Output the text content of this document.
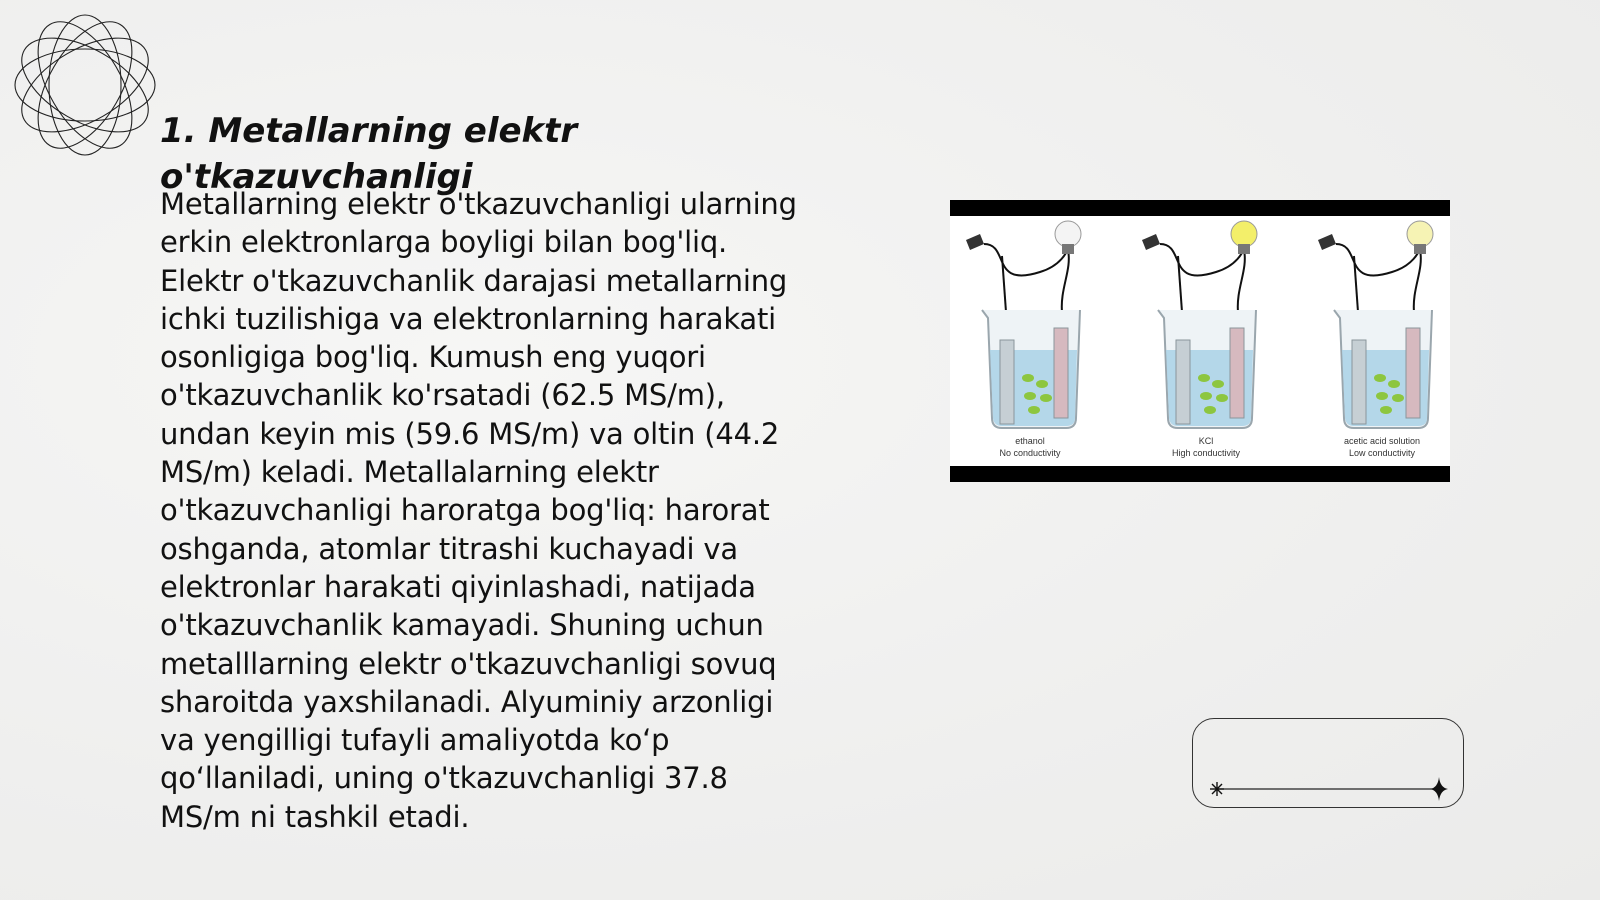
1. Metallarning elektr
o'tkazuvchanligi

Metallarning elektr o'tkazuvchanligi ularning
erkin elektronlarga boyligi bilan bog'liq.
Elektr o'tkazuvchanlik darajasi metallarning
ichki tuzilishiga va elektronlarning harakati
osonligiga bog'liq. Kumush eng yuqori
o'tkazuvchanlik ko'rsatadi (62.5 MS/m),
undan keyin mis (59.6 MS/m) va oltin (44.2
MS/m) keladi. Metallalarning elektr
o'tkazuvchanligi haroratga bog'liq: harorat
oshganda, atomlar titrashi kuchayadi va
elektronlar harakati qiyinlashadi, natijada
o'tkazuvchanlik kamayadi. Shuning uchun
metalllarning elektr o'tkazuvchanligi sovuq
sharoitda yaxshilanadi. Alyuminiy arzonligi
va yengilligi tufayli amaliyotda ko‘p
qo‘llaniladi, uning o'tkazuvchanligi 37.8
MS/m ni tashkil etadi.

ethanol
No conductivity
KCl
High conductivity
acetic acid solution
Low conductivity
